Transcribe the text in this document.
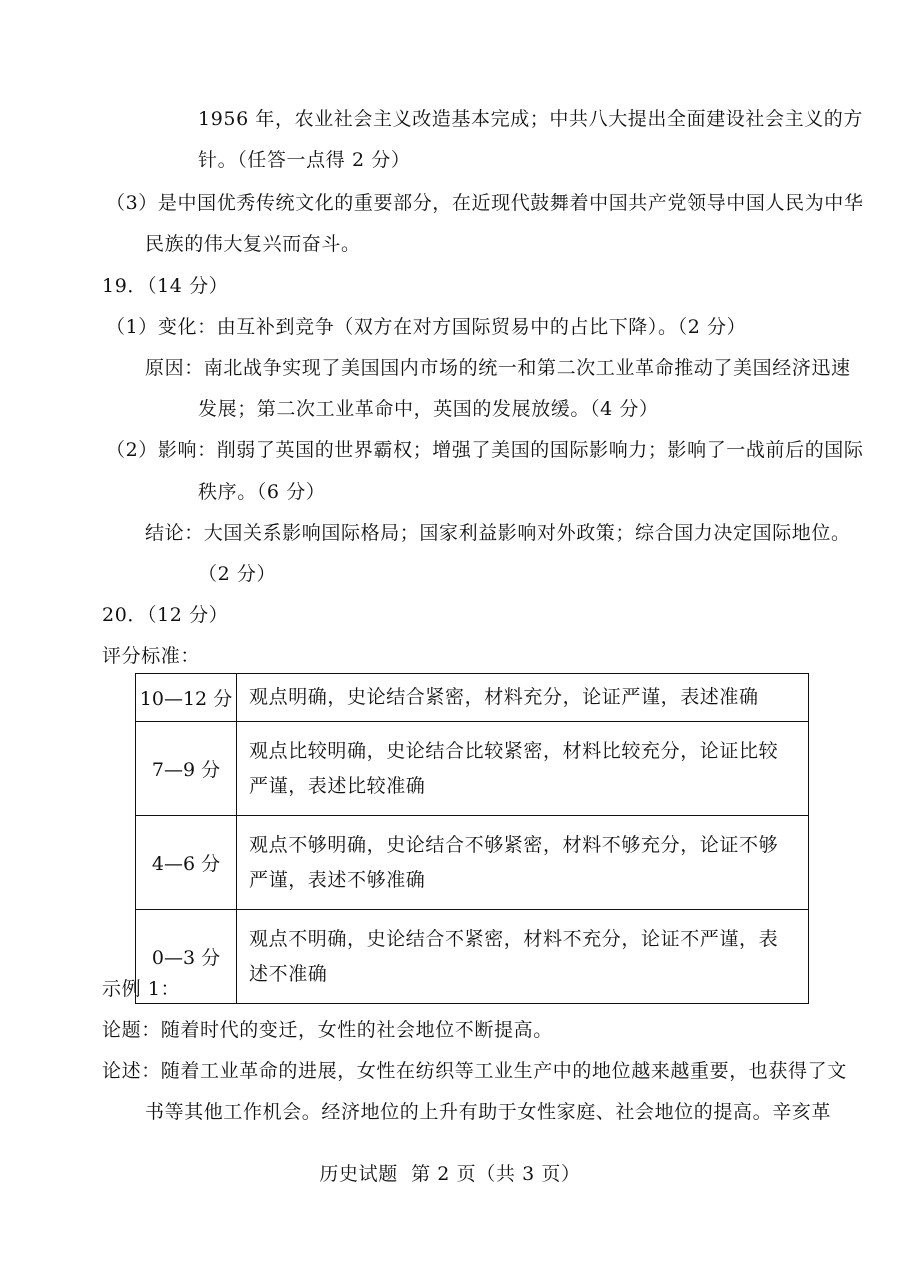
1956 年，农业社会主义改造基本完成；中共八大提出全面建设社会主义的方
针。（任答一点得 2 分）
（3）是中国优秀传统文化的重要部分，在近现代鼓舞着中国共产党领导中国人民为中华
民族的伟大复兴而奋斗。
19．（14 分）
（1）变化：由互补到竞争（双方在对方国际贸易中的占比下降）。（2 分）
原因：南北战争实现了美国国内市场的统一和第二次工业革命推动了美国经济迅速
发展；第二次工业革命中，英国的发展放缓。（4 分）
（2）影响：削弱了英国的世界霸权；增强了美国的国际影响力；影响了一战前后的国际
秩序。（6 分）
结论：大国关系影响国际格局；国家利益影响对外政策；综合国力决定国际地位。
（2 分）
20．（12 分）
评分标准：
10—12 分	观点明确，史论结合紧密，材料充分，论证严谨，表述准确
7—9 分	观点比较明确，史论结合比较紧密，材料比较充分，论证比较严谨，表述比较准确
4—6 分	观点不够明确，史论结合不够紧密，材料不够充分，论证不够严谨，表述不够准确
0—3 分	观点不明确，史论结合不紧密，材料不充分，论证不严谨，表述不准确
示例 1：
论题：随着时代的变迁，女性的社会地位不断提高。
论述：随着工业革命的进展，女性在纺织等工业生产中的地位越来越重要，也获得了文
书等其他工作机会。经济地位的上升有助于女性家庭、社会地位的提高。辛亥革
历史试题  第 2 页（共 3 页）
